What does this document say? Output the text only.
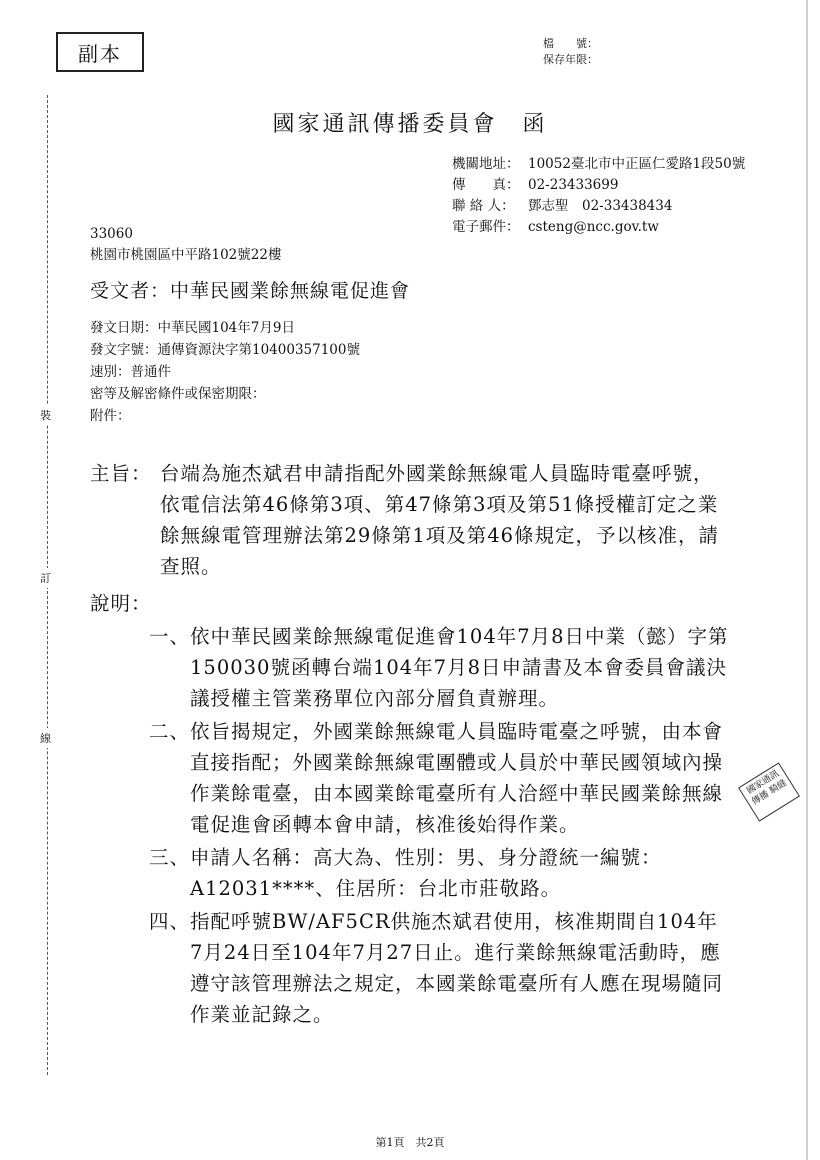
副本	檔　　號：
保存年限：
裝
訂
線
國家通訊傳播委員會　函
機關地址： 10052臺北市中正區仁愛路1段50號
傳　　真： 02-23433699
聯 絡 人： 鄧志聖　02-33438434
電子郵件： csteng@ncc.gov.tw
33060
桃園市桃園區中平路102號22樓
受文者：中華民國業餘無線電促進會
發文日期：中華民國104年7月9日
發文字號：通傳資源決字第10400357100號
速別：普通件
密等及解密條件或保密期限：
附件：
主旨： 台端為施杰斌君申請指配外國業餘無線電人員臨時電臺呼號，依電信法第46條第3項、第47條第3項及第51條授權訂定之業餘無線電管理辦法第29條第1項及第46條規定，予以核准，請查照。
說明：
一、 依中華民國業餘無線電促進會104年7月8日中業（懿）字第150030號函轉台端104年7月8日申請書及本會委員會議決議授權主管業務單位內部分層負責辦理。
二、 依旨揭規定，外國業餘無線電人員臨時電臺之呼號，由本會直接指配；外國業餘無線電團體或人員於中華民國領域內操作業餘電臺，由本國業餘電臺所有人洽經中華民國業餘無線電促進會函轉本會申請，核准後始得作業。
三、 申請人名稱：高大為、性別：男、身分證統一編號：A12031****、住居所：台北市莊敬路。
四、 指配呼號BW/AF5CR供施杰斌君使用，核准期間自104年7月24日至104年7月27日止。進行業餘無線電活動時，應遵守該管理辦法之規定，本國業餘電臺所有人應在現場隨同作業並記錄之。
國家通訊傳播 騎縫
第1頁　共2頁
